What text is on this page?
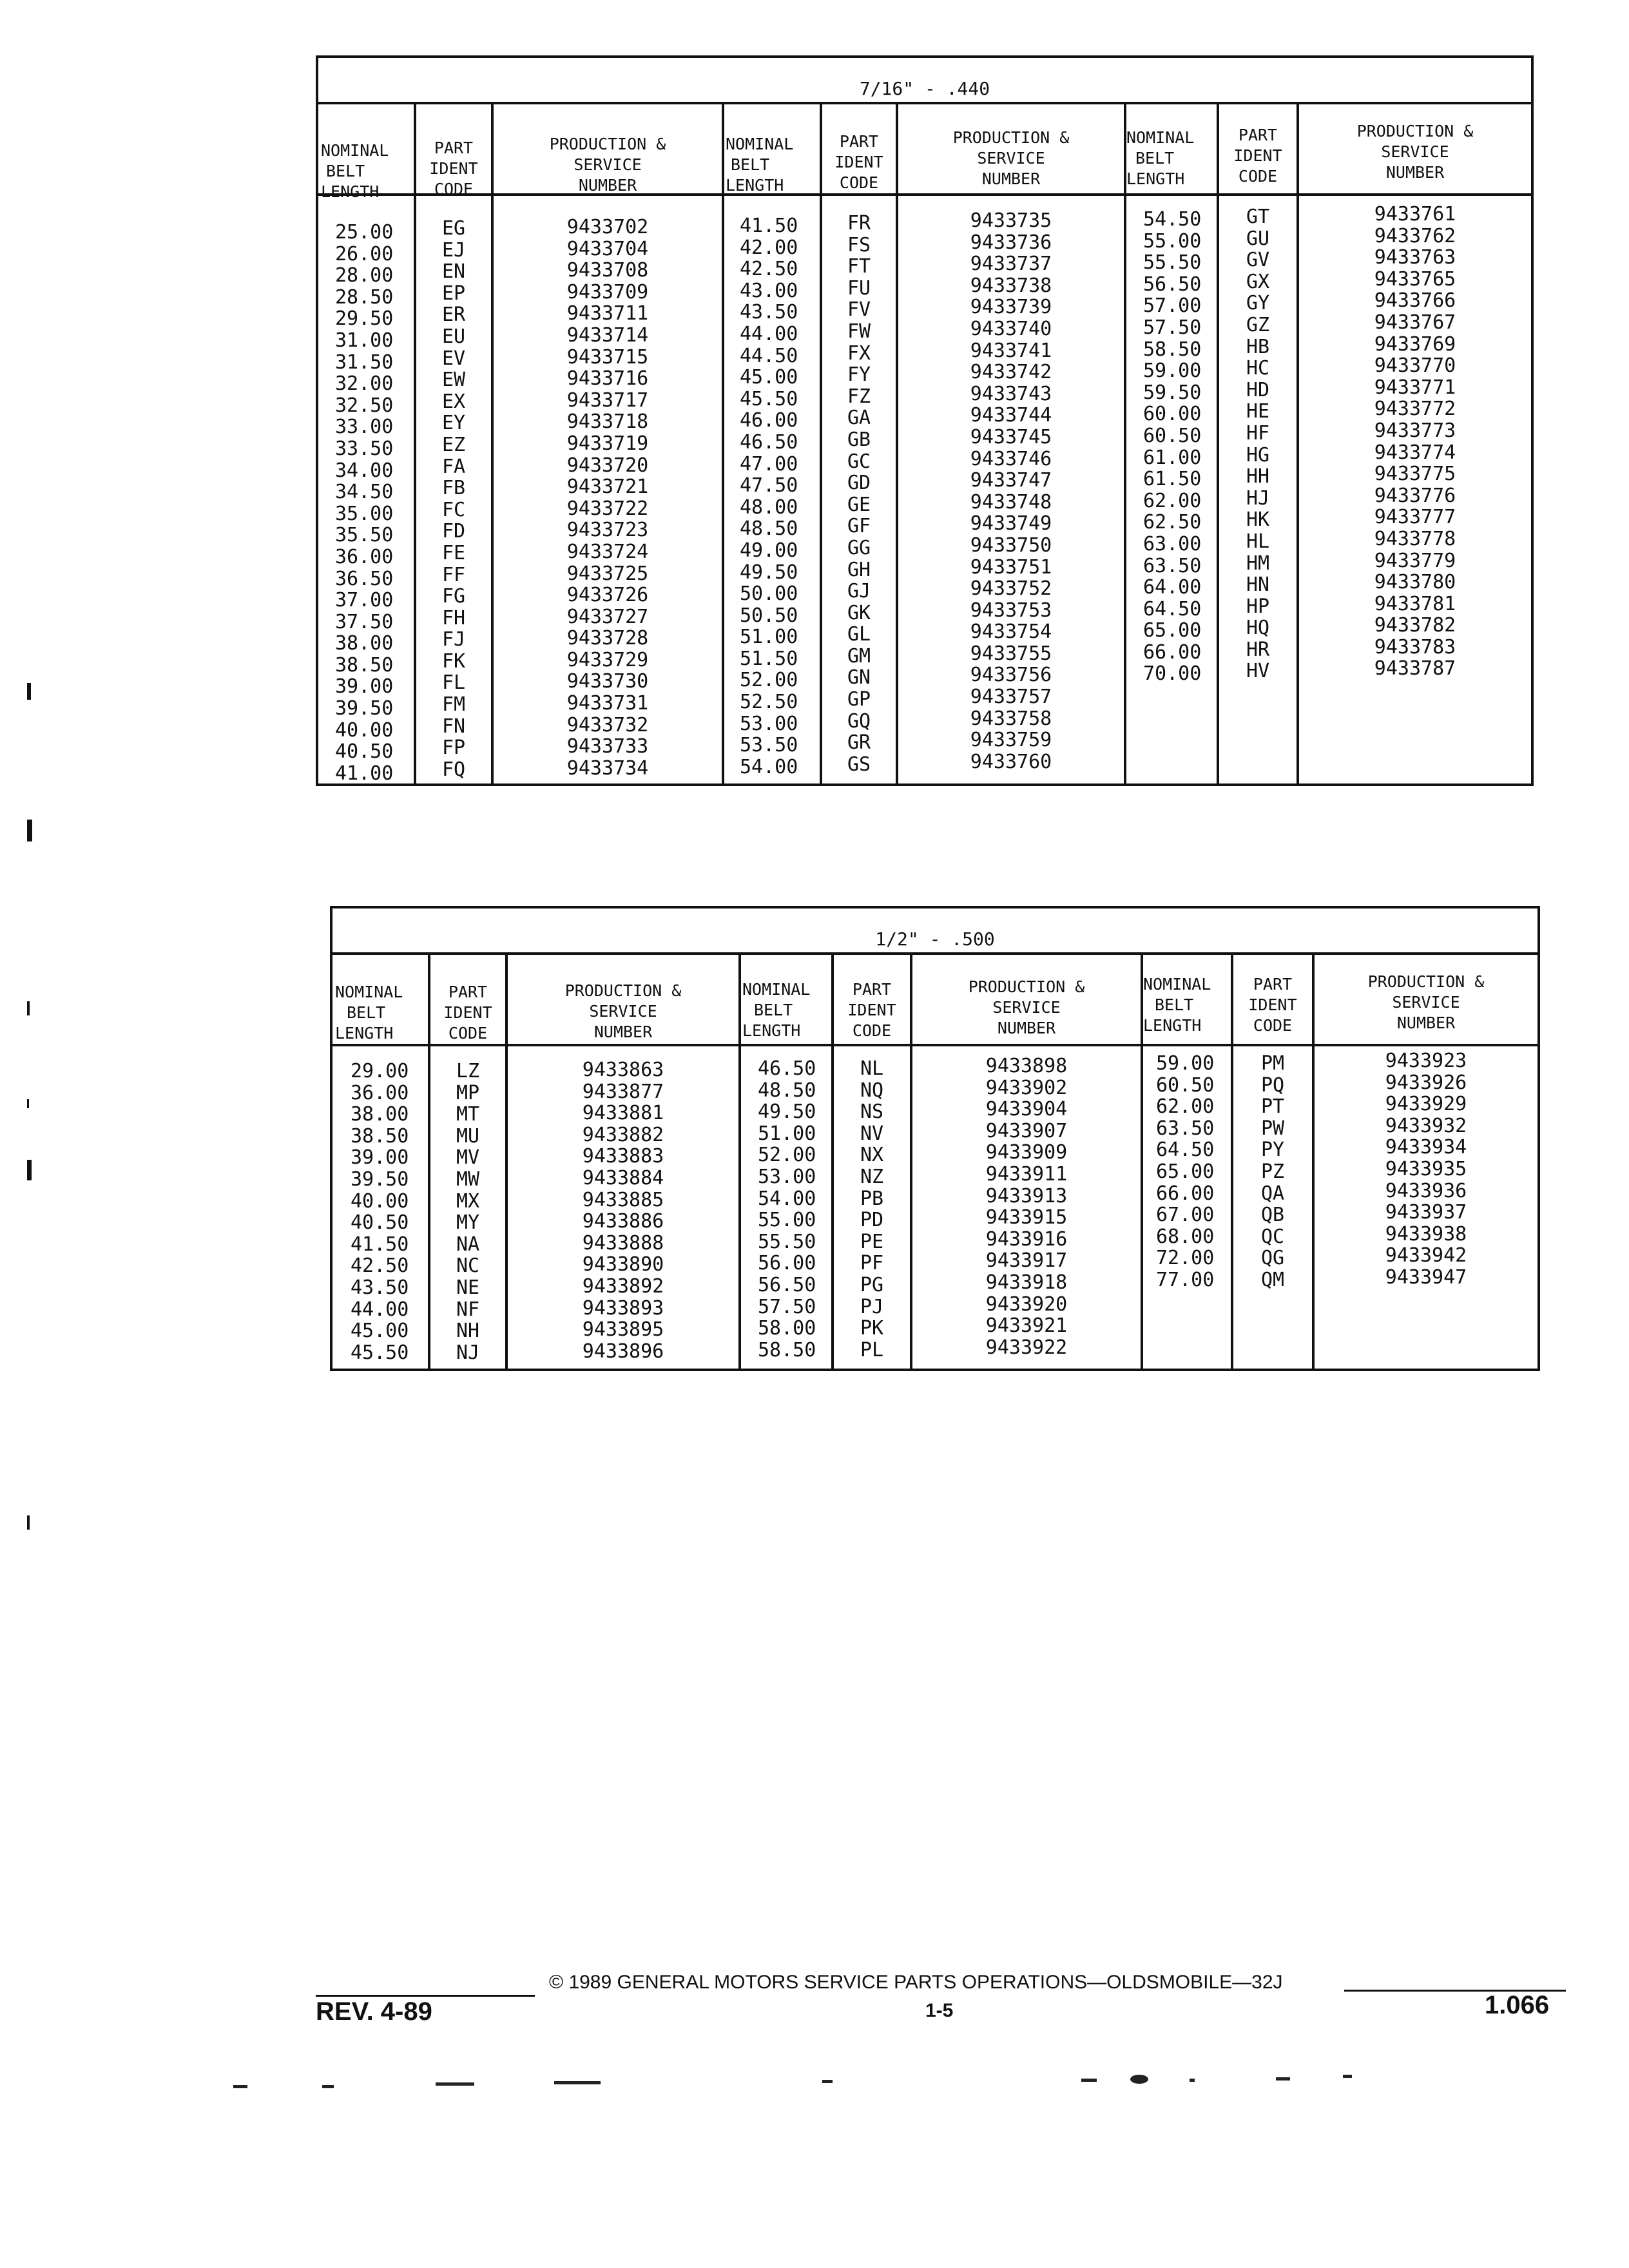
7/16" - .440
NOMINAL
BELT
LENGTH
PART
IDENT
CODE
PRODUCTION &
SERVICE
NUMBER
NOMINAL
BELT
LENGTH
PART
IDENT
CODE
PRODUCTION &
SERVICE
NUMBER
NOMINAL
BELT
LENGTH
PART
IDENT
CODE
PRODUCTION &
SERVICE
NUMBER
25.00
26.00
28.00
28.50
29.50
31.00
31.50
32.00
32.50
33.00
33.50
34.00
34.50
35.00
35.50
36.00
36.50
37.00
37.50
38.00
38.50
39.00
39.50
40.00
40.50
41.00
EG
EJ
EN
EP
ER
EU
EV
EW
EX
EY
EZ
FA
FB
FC
FD
FE
FF
FG
FH
FJ
FK
FL
FM
FN
FP
FQ
9433702
9433704
9433708
9433709
9433711
9433714
9433715
9433716
9433717
9433718
9433719
9433720
9433721
9433722
9433723
9433724
9433725
9433726
9433727
9433728
9433729
9433730
9433731
9433732
9433733
9433734
41.50
42.00
42.50
43.00
43.50
44.00
44.50
45.00
45.50
46.00
46.50
47.00
47.50
48.00
48.50
49.00
49.50
50.00
50.50
51.00
51.50
52.00
52.50
53.00
53.50
54.00
FR
FS
FT
FU
FV
FW
FX
FY
FZ
GA
GB
GC
GD
GE
GF
GG
GH
GJ
GK
GL
GM
GN
GP
GQ
GR
GS
9433735
9433736
9433737
9433738
9433739
9433740
9433741
9433742
9433743
9433744
9433745
9433746
9433747
9433748
9433749
9433750
9433751
9433752
9433753
9433754
9433755
9433756
9433757
9433758
9433759
9433760
54.50
55.00
55.50
56.50
57.00
57.50
58.50
59.00
59.50
60.00
60.50
61.00
61.50
62.00
62.50
63.00
63.50
64.00
64.50
65.00
66.00
70.00
GT
GU
GV
GX
GY
GZ
HB
HC
HD
HE
HF
HG
HH
HJ
HK
HL
HM
HN
HP
HQ
HR
HV
9433761
9433762
9433763
9433765
9433766
9433767
9433769
9433770
9433771
9433772
9433773
9433774
9433775
9433776
9433777
9433778
9433779
9433780
9433781
9433782
9433783
9433787
1/2" - .500
NOMINAL
BELT
LENGTH
PART
IDENT
CODE
PRODUCTION &
SERVICE
NUMBER
NOMINAL
BELT
LENGTH
PART
IDENT
CODE
PRODUCTION &
SERVICE
NUMBER
NOMINAL
BELT
LENGTH
PART
IDENT
CODE
PRODUCTION &
SERVICE
NUMBER
29.00
36.00
38.00
38.50
39.00
39.50
40.00
40.50
41.50
42.50
43.50
44.00
45.00
45.50
LZ
MP
MT
MU
MV
MW
MX
MY
NA
NC
NE
NF
NH
NJ
9433863
9433877
9433881
9433882
9433883
9433884
9433885
9433886
9433888
9433890
9433892
9433893
9433895
9433896
46.50
48.50
49.50
51.00
52.00
53.00
54.00
55.00
55.50
56.00
56.50
57.50
58.00
58.50
NL
NQ
NS
NV
NX
NZ
PB
PD
PE
PF
PG
PJ
PK
PL
9433898
9433902
9433904
9433907
9433909
9433911
9433913
9433915
9433916
9433917
9433918
9433920
9433921
9433922
59.00
60.50
62.00
63.50
64.50
65.00
66.00
67.00
68.00
72.00
77.00
PM
PQ
PT
PW
PY
PZ
QA
QB
QC
QG
QM
9433923
9433926
9433929
9433932
9433934
9433935
9433936
9433937
9433938
9433942
9433947
© 1989 GENERAL MOTORS SERVICE PARTS OPERATIONS—OLDSMOBILE—32J
REV. 4-89	1-5	1.066
